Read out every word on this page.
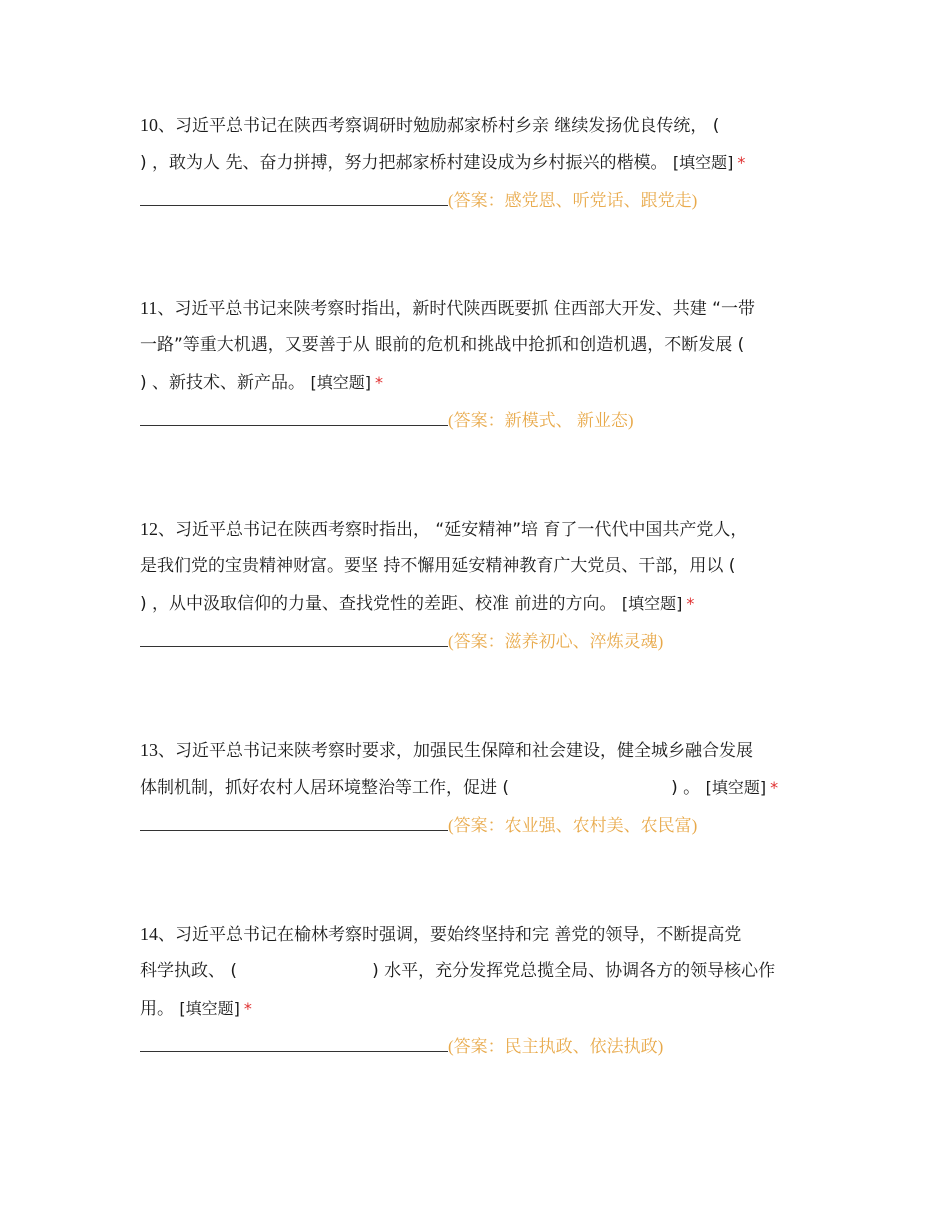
10、习近平总书记在陕西考察调研时勉励郝家桥村乡亲 继续发扬优良传统， (
) ，敢为人 先、奋力拼搏，努力把郝家桥村建设成为乡村振兴的楷模。 [填空题] *
(答案：感党恩、听党话、跟党走)
11、习近平总书记来陕考察时指出，新时代陕西既要抓 住西部大开发、共建 “一带
一路”等重大机遇，又要善于从 眼前的危机和挑战中抢抓和创造机遇，不断发展 (
) 、新技术、新产品。 [填空题] *
(答案：新模式、 新业态)
12、习近平总书记在陕西考察时指出， “延安精神”培 育了一代代中国共产党人，
是我们党的宝贵精神财富。要坚 持不懈用延安精神教育广大党员、干部，用以 (
) ，从中汲取信仰的力量、查找党性的差距、校准 前进的方向。 [填空题] *
(答案：滋养初心、淬炼灵魂)
13、习近平总书记来陕考察时要求，加强民生保障和社会建设，健全城乡融合发展
体制机制，抓好农村人居环境整治等工作，促进 (                              ) 。 [填空题] *
(答案：农业强、农村美、农民富)
14、习近平总书记在榆林考察时强调，要始终坚持和完 善党的领导，不断提高党
科学执政、 (                         ) 水平，充分发挥党总揽全局、协调各方的领导核心作
用。 [填空题] *
(答案：民主执政、依法执政)
